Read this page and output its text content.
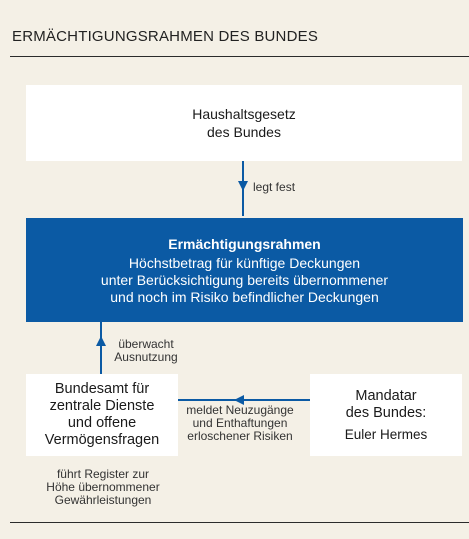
ERMÄCHTIGUNGSRAHMEN DES BUNDES
Haushaltsgesetz
des Bundes
legt fest
Ermächtigungsrahmen
Höchstbetrag für künftige Deckungen
unter Berücksichtigung bereits übernommener
und noch im Risiko befindlicher Deckungen
überwacht
Ausnutzung
Bundesamt für
zentrale Dienste
und offene
Vermögensfragen
meldet Neuzugänge
und Enthaftungen
erloschener Risiken
Mandatar
des Bundes:
Euler Hermes
führt Register zur
Höhe übernommener
Gewährleistungen
